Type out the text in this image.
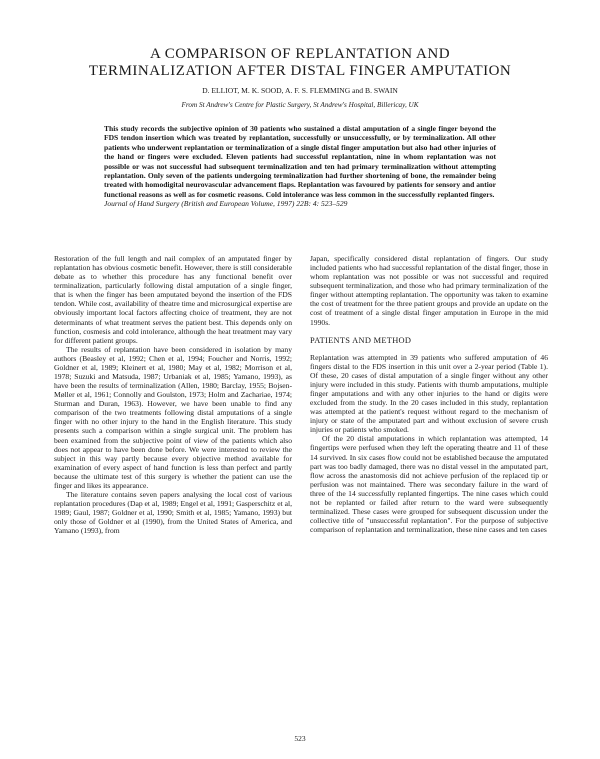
A COMPARISON OF REPLANTATION AND
TERMINALIZATION AFTER DISTAL FINGER AMPUTATION
D. ELLIOT, M. K. SOOD, A. F. S. FLEMMING and B. SWAIN
From St Andrew's Centre for Plastic Surgery, St Andrew's Hospital, Billericay, UK
This study records the subjective opinion of 30 patients who sustained a distal amputation of a single finger beyond the FDS tendon insertion which was treated by replantation, successfully or unsuccessfully, or by terminalization. All other patients who underwent replantation or terminalization of a single distal finger amputation but also had other injuries of the hand or fingers were excluded. Eleven patients had successful replantation, nine in whom replantation was not possible or was not successful had subsequent terminalization and ten had primary terminalization without attempting replantation. Only seven of the patients undergoing terminalization had further shortening of bone, the remainder being treated with homodigital neurovascular advancement flaps. Replantation was favoured by patients for sensory and antior functional reasons as well as for cosmetic reasons. Cold intolerance was less common in the successfully replanted fingers.
Journal of Hand Surgery (British and European Volume, 1997) 22B: 4: 523–529

Restoration of the full length and nail complex of an amputated finger by replantation has obvious cosmetic benefit. However, there is still considerable debate as to whether this procedure has any functional benefit over terminalization, particularly following distal amputation of a single finger, that is when the finger has been amputated beyond the insertion of the FDS tendon. While cost, availability of theatre time and microsurgical expertise are obviously important local factors affecting choice of treatment, they are not determinants of what treatment serves the patient best. This depends only on function, cosmesis and cold intolerance, although the heat treatment may vary for different patient groups.

The results of replantation have been considered in isolation by many authors (Beasley et al, 1992; Chen et al, 1994; Foucher and Norris, 1992; Goldner et al, 1989; Kleinert et al, 1980; May et al, 1982; Morrison et al, 1978; Suzuki and Matsuda, 1987; Urbaniak et al, 1985; Yamano, 1993), as have been the results of terminalization (Allen, 1980; Barclay, 1955; Bojsen-Møller et al, 1961; Connolly and Goulston, 1973; Holm and Zachariae, 1974; Sturman and Duran, 1963). However, we have been unable to find any comparison of the two treatments following distal amputations of a single finger with no other injury to the hand in the English literature. This study presents such a comparison within a single surgical unit. The problem has been examined from the subjective point of view of the patients which also does not appear to have been done before. We were interested to review the subject in this way partly because every objective method available for examination of every aspect of hand function is less than perfect and partly because the ultimate test of this surgery is whether the patient can use the finger and likes its appearance.

The literature contains seven papers analysing the local cost of various replantation procedures (Dap et al, 1989; Engel et al, 1991; Gasperschitz et al, 1989; Gaul, 1987; Goldner et al, 1990; Smith et al, 1985; Yamano, 1993) but only those of Goldner et al (1990), from the United States of America, and Yamano (1993), from

Japan, specifically considered distal replantation of fingers. Our study included patients who had successful replantation of the distal finger, those in whom replantation was not possible or was not successful and required subsequent terminalization, and those who had primary terminalization of the finger without attempting replantation. The opportunity was taken to examine the cost of treatment for the three patient groups and provide an update on the cost of treatment of a single distal finger amputation in Europe in the mid 1990s.

PATIENTS AND METHOD

Replantation was attempted in 39 patients who suffered amputation of 46 fingers distal to the FDS insertion in this unit over a 2-year period (Table 1). Of these, 20 cases of distal amputation of a single finger without any other injury were included in this study. Patients with thumb amputations, multiple finger amputations and with any other injuries to the hand or digits were excluded from the study. In the 20 cases included in this study, replantation was attempted at the patient's request without regard to the mechanism of injury or state of the amputated part and without exclusion of severe crush injuries or patients who smoked.

Of the 20 distal amputations in which replantation was attempted, 14 fingertips were perfused when they left the operating theatre and 11 of these 14 survived. In six cases flow could not be established because the amputated part was too badly damaged, there was no distal vessel in the amputated part, flow across the anastomosis did not achieve perfusion of the replaced tip or perfusion was not maintained. There was secondary failure in the ward of three of the 14 successfully replanted fingertips. The nine cases which could not be replanted or failed after return to the ward were subsequently terminalized. These cases were grouped for subsequent discussion under the collective title of "unsuccessful replantation". For the purpose of subjective comparison of replantation and terminalization, these nine cases and ten cases

523
